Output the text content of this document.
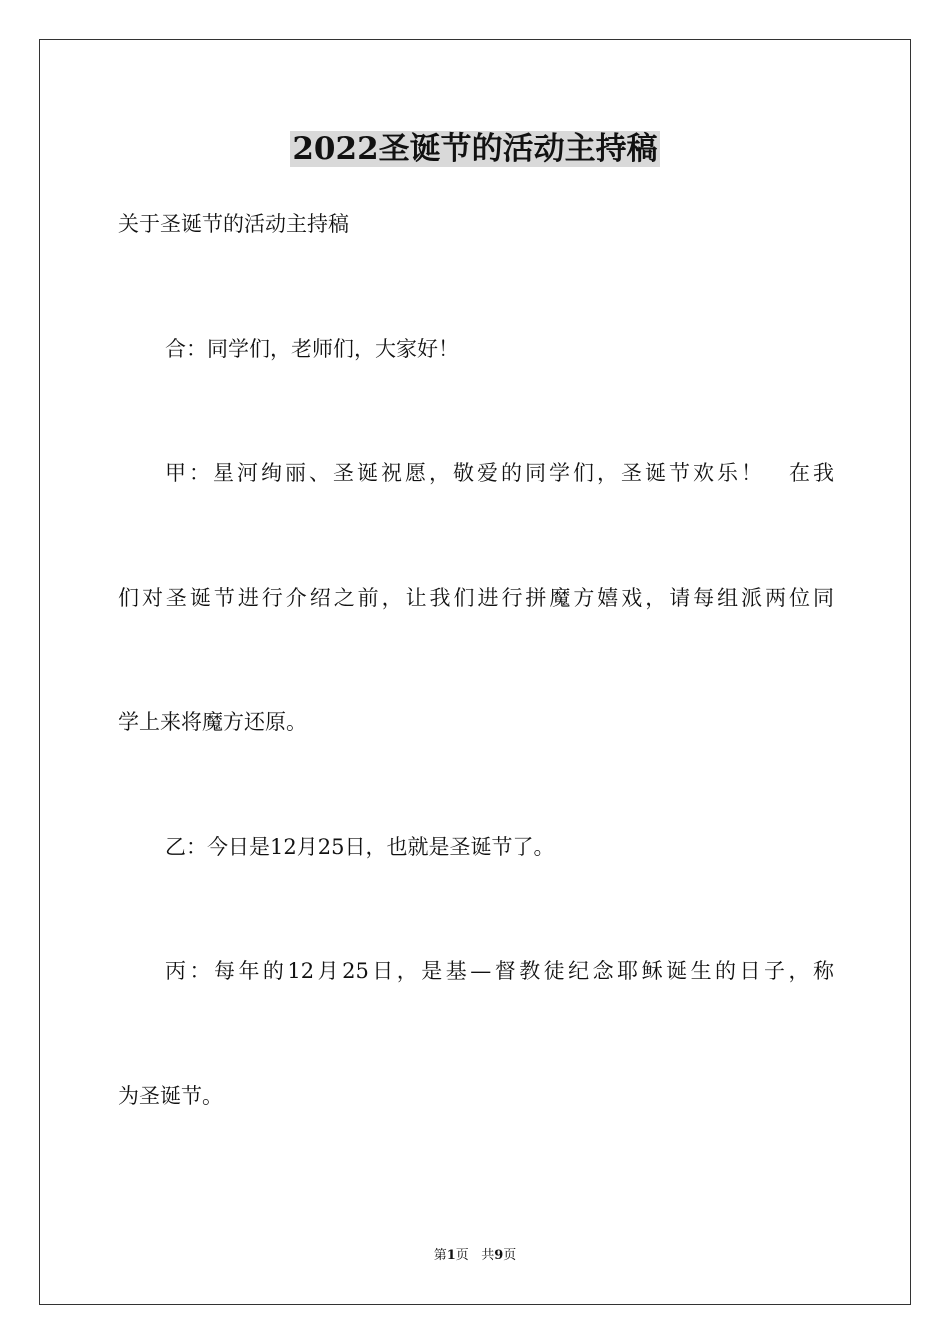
2022圣诞节的活动主持稿
关于圣诞节的活动主持稿
合：同学们，老师们，大家好！
甲：星河绚丽、圣诞祝愿，敬爱的同学们，圣诞节欢乐！　在我
们对圣诞节进行介绍之前，让我们进行拼魔方嬉戏，请每组派两位同
学上来将魔方还原。
乙：今日是12月25日，也就是圣诞节了。
丙：每年的12月25日，是基—督教徒纪念耶稣诞生的日子，称
为圣诞节。
第1页 共9页
